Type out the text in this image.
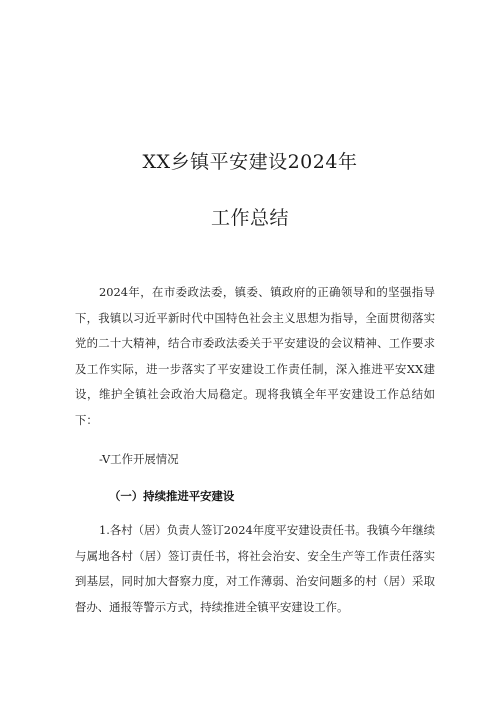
XX乡镇平安建设2024年
工作总结
2024年，在市委政法委，镇委、镇政府的正确领导和的坚强指导下，我镇以习近平新时代中国特色社会主义思想为指导，全面贯彻落实党的二十大精神，结合市委政法委关于平安建设的会议精神、工作要求及工作实际，进一步落实了平安建设工作责任制，深入推进平安XX建设，维护全镇社会政治大局稳定。现将我镇全年平安建设工作总结如下：
-V工作开展情况
（一）持续推进平安建设
1.各村（居）负责人签订2024年度平安建设责任书。我镇今年继续与属地各村（居）签订责任书，将社会治安、安全生产等工作责任落实到基层，同时加大督察力度，对工作薄弱、治安问题多的村（居）采取督办、通报等警示方式，持续推进全镇平安建设工作。
